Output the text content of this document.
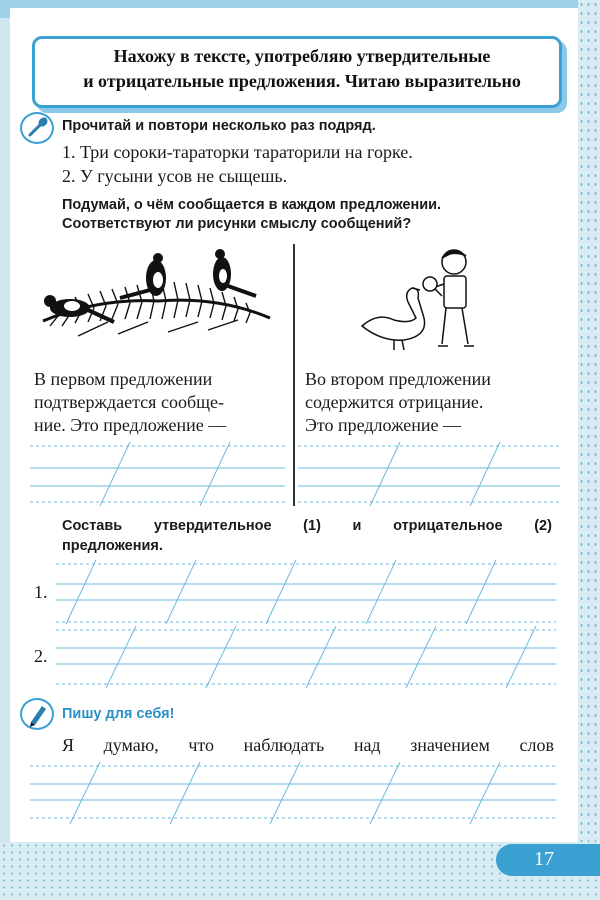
Нахожу в тексте, употребляю утвердительные
и отрицательные предложения. Читаю выразительно
Прочитай и повтори несколько раз подряд.
1. Три сороки-тараторки тараторили на горке.
2. У гусыни усов не сыщешь.
Подумай, о чём сообщается в каждом предложении.
Соответствуют ли рисунки смыслу сообщений?
В первом предложении
подтверждается сообще-
ние. Это предложение —
Во втором предложении
содержится отрицание.
Это предложение —
Составь утвердительное (1) и отрицательное (2)
предложения.
1.
2.
Пишу для себя!
Я думаю, что наблюдать над значением слов
17
